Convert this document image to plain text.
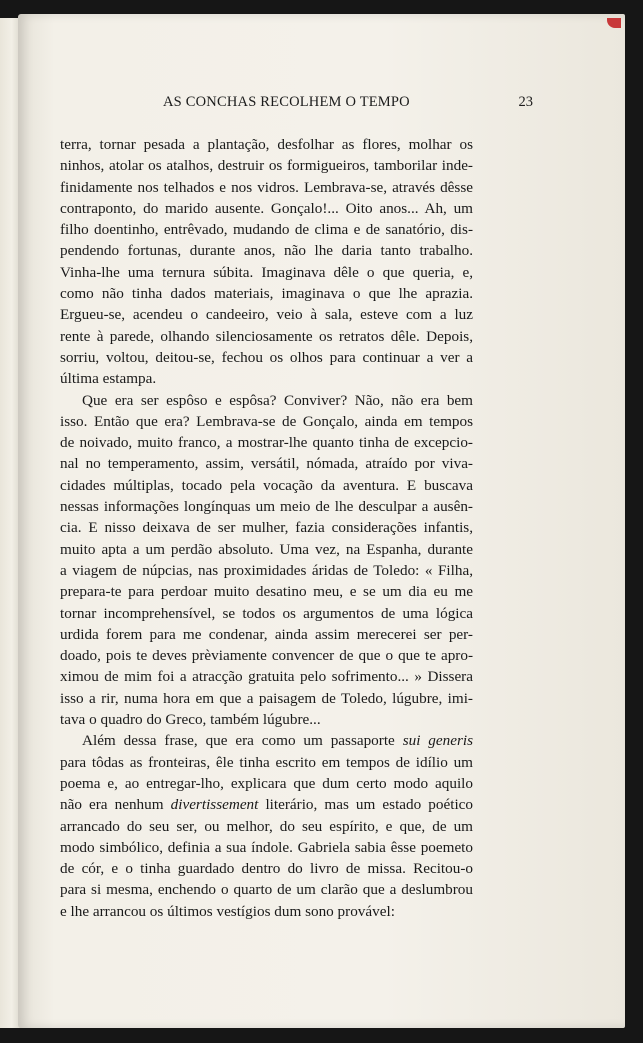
AS CONCHAS RECOLHEM O TEMPO	23
terra, tornar pesada a plantação, desfolhar as flores, molhar os
ninhos, atolar os atalhos, destruir os formigueiros, tamborilar inde-
finidamente nos telhados e nos vidros. Lembrava-se, através dêsse
contraponto, do marido ausente. Gonçalo!... Oito anos... Ah, um
filho doentinho, entrêvado, mudando de clima e de sanatório, dis-
pendendo fortunas, durante anos, não lhe daria tanto trabalho.
Vinha-lhe uma ternura súbita. Imaginava dêle o que queria, e,
como não tinha dados materiais, imaginava o que lhe aprazia.
Ergueu-se, acendeu o candeeiro, veio à sala, esteve com a luz
rente à parede, olhando silenciosamente os retratos dêle. Depois,
sorriu, voltou, deitou-se, fechou os olhos para continuar a ver a
última estampa.
Que era ser espôso e espôsa? Conviver? Não, não era bem
isso. Então que era? Lembrava-se de Gonçalo, ainda em tempos
de noivado, muito franco, a mostrar-lhe quanto tinha de excepcio-
nal no temperamento, assim, versátil, nómada, atraído por viva-
cidades múltiplas, tocado pela vocação da aventura. E buscava
nessas informações longínquas um meio de lhe desculpar a ausên-
cia. E nisso deixava de ser mulher, fazia considerações infantis,
muito apta a um perdão absoluto. Uma vez, na Espanha, durante
a viagem de núpcias, nas proximidades áridas de Toledo: « Filha,
prepara-te para perdoar muito desatino meu, e se um dia eu me
tornar incomprehensível, se todos os argumentos de uma lógica
urdida forem para me condenar, ainda assim merecerei ser per-
doado, pois te deves prèviamente convencer de que o que te apro-
ximou de mim foi a atracção gratuita pelo sofrimento... » Dissera
isso a rir, numa hora em que a paisagem de Toledo, lúgubre, imi-
tava o quadro do Greco, também lúgubre...
Além dessa frase, que era como um passaporte sui generis
para tôdas as fronteiras, êle tinha escrito em tempos de idílio um
poema e, ao entregar-lho, explicara que dum certo modo aquilo
não era nenhum divertissement literário, mas um estado poético
arrancado do seu ser, ou melhor, do seu espírito, e que, de um
modo simbólico, definia a sua índole. Gabriela sabia êsse poemeto
de cór, e o tinha guardado dentro do livro de missa. Recitou-o
para si mesma, enchendo o quarto de um clarão que a deslumbrou
e lhe arrancou os últimos vestígios dum sono provável:
